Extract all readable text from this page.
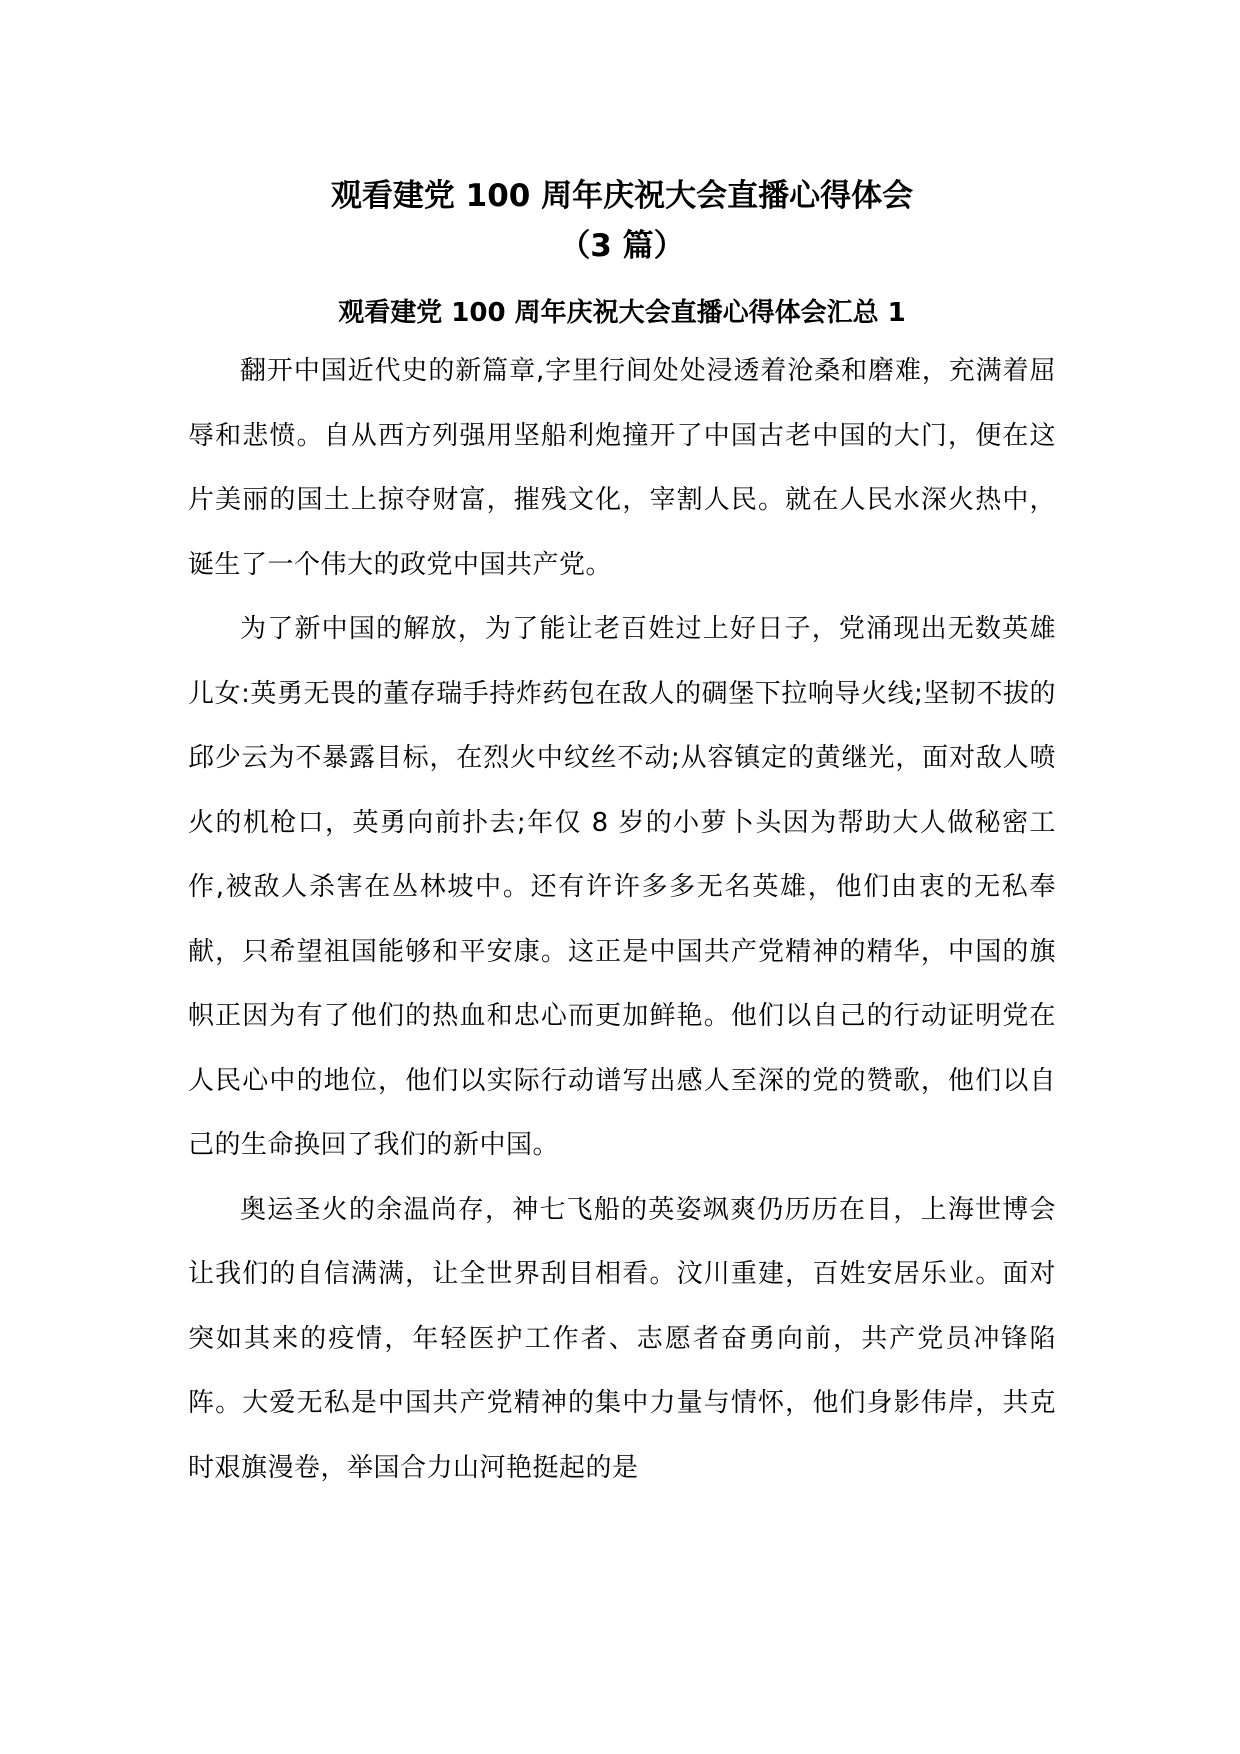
观看建党 100 周年庆祝大会直播心得体会

（3 篇）

观看建党 100 周年庆祝大会直播心得体会汇总 1

翻开中国近代史的新篇章,字里行间处处浸透着沧桑和磨难，充满着屈辱和悲愤。自从西方列强用坚船利炮撞开了中国古老中国的大门，便在这片美丽的国土上掠夺财富，摧残文化，宰割人民。就在人民水深火热中，诞生了一个伟大的政党中国共产党。

为了新中国的解放，为了能让老百姓过上好日子，党涌现出无数英雄儿女:英勇无畏的董存瑞手持炸药包在敌人的碉堡下拉响导火线;坚韧不拔的邱少云为不暴露目标，在烈火中纹丝不动;从容镇定的黄继光，面对敌人喷火的机枪口，英勇向前扑去;年仅 8 岁的小萝卜头因为帮助大人做秘密工作,被敌人杀害在丛林坡中。还有许许多多无名英雄，他们由衷的无私奉献，只希望祖国能够和平安康。这正是中国共产党精神的精华，中国的旗帜正因为有了他们的热血和忠心而更加鲜艳。他们以自己的行动证明党在人民心中的地位，他们以实际行动谱写出感人至深的党的赞歌，他们以自己的生命换回了我们的新中国。

奥运圣火的余温尚存，神七飞船的英姿飒爽仍历历在目，上海世博会让我们的自信满满，让全世界刮目相看。汶川重建，百姓安居乐业。面对突如其来的疫情，年轻医护工作者、志愿者奋勇向前，共产党员冲锋陷阵。大爱无私是中国共产党精神的集中力量与情怀，他们身影伟岸，共克时艰旗漫卷，举国合力山河艳挺起的是
